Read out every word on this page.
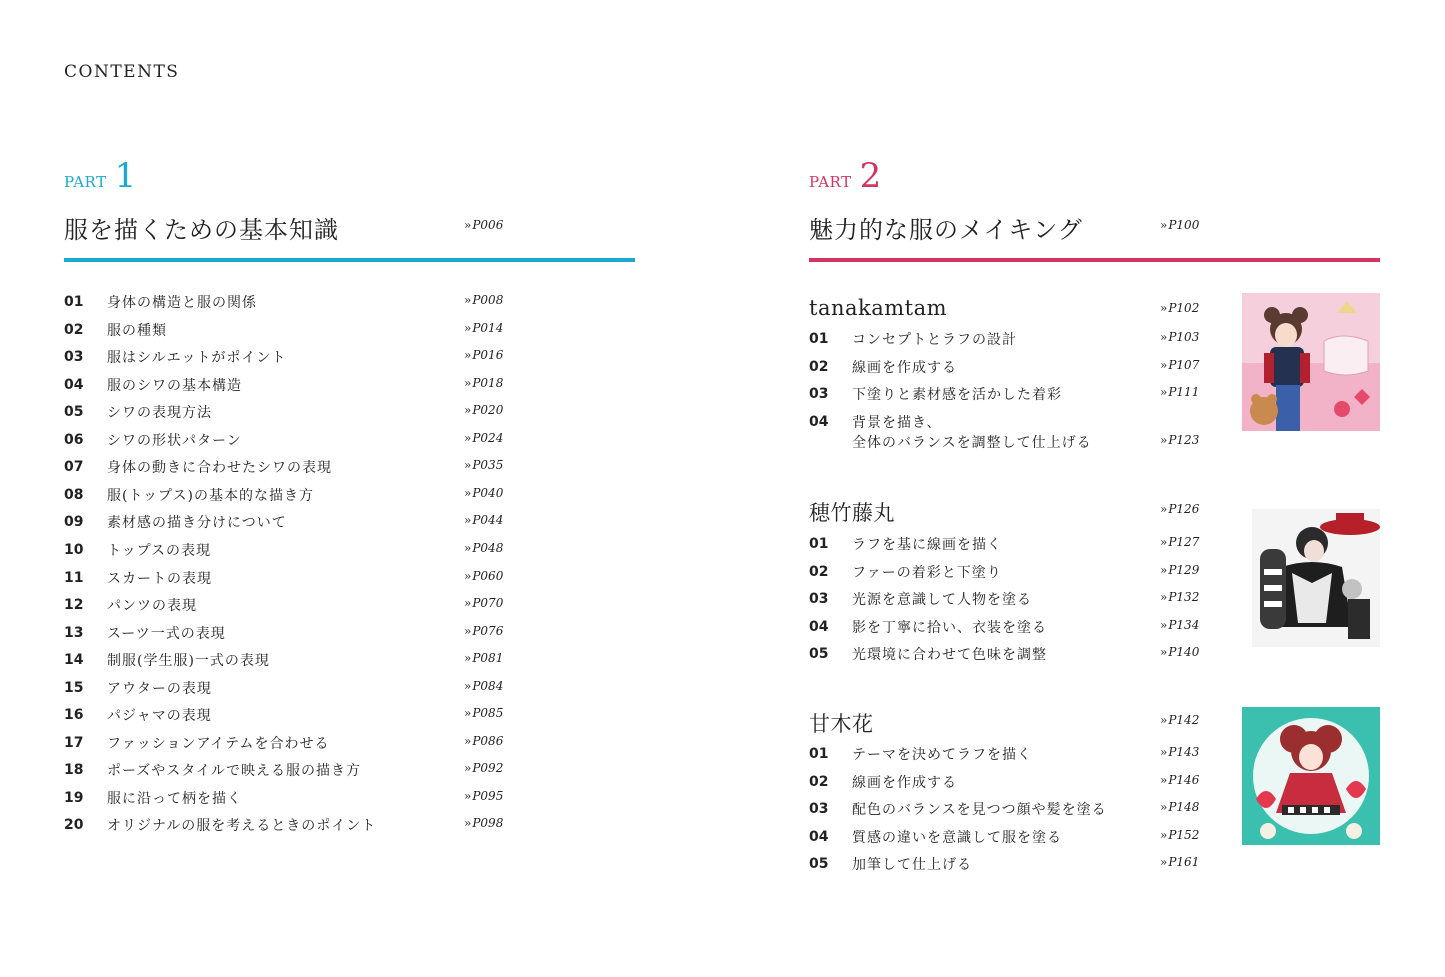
CONTENTS
PART 1
服を描くための基本知識	»P006
01	身体の構造と服の関係	»P008
02	服の種類	»P014
03	服はシルエットがポイント	»P016
04	服のシワの基本構造	»P018
05	シワの表現方法	»P020
06	シワの形状パターン	»P024
07	身体の動きに合わせたシワの表現	»P035
08	服(トップス)の基本的な描き方	»P040
09	素材感の描き分けについて	»P044
10	トップスの表現	»P048
11	スカートの表現	»P060
12	パンツの表現	»P070
13	スーツ一式の表現	»P076
14	制服(学生服)一式の表現	»P081
15	アウターの表現	»P084
16	パジャマの表現	»P085
17	ファッションアイテムを合わせる	»P086
18	ポーズやスタイルで映える服の描き方	»P092
19	服に沿って柄を描く	»P095
20	オリジナルの服を考えるときのポイント	»P098
PART 2
魅力的な服のメイキング	»P100
tanakamtam	»P102
01	コンセプトとラフの設計	»P103
02	線画を作成する	»P107
03	下塗りと素材感を活かした着彩	»P111
04	背景を描き、
全体のバランスを調整して仕上げる	»P123
穂竹藤丸	»P126
01	ラフを基に線画を描く	»P127
02	ファーの着彩と下塗り	»P129
03	光源を意識して人物を塗る	»P132
04	影を丁寧に拾い、衣装を塗る	»P134
05	光環境に合わせて色味を調整	»P140
甘木花	»P142
01	テーマを決めてラフを描く	»P143
02	線画を作成する	»P146
03	配色のバランスを見つつ顔や髪を塗る	»P148
04	質感の違いを意識して服を塗る	»P152
05	加筆して仕上げる	»P161
